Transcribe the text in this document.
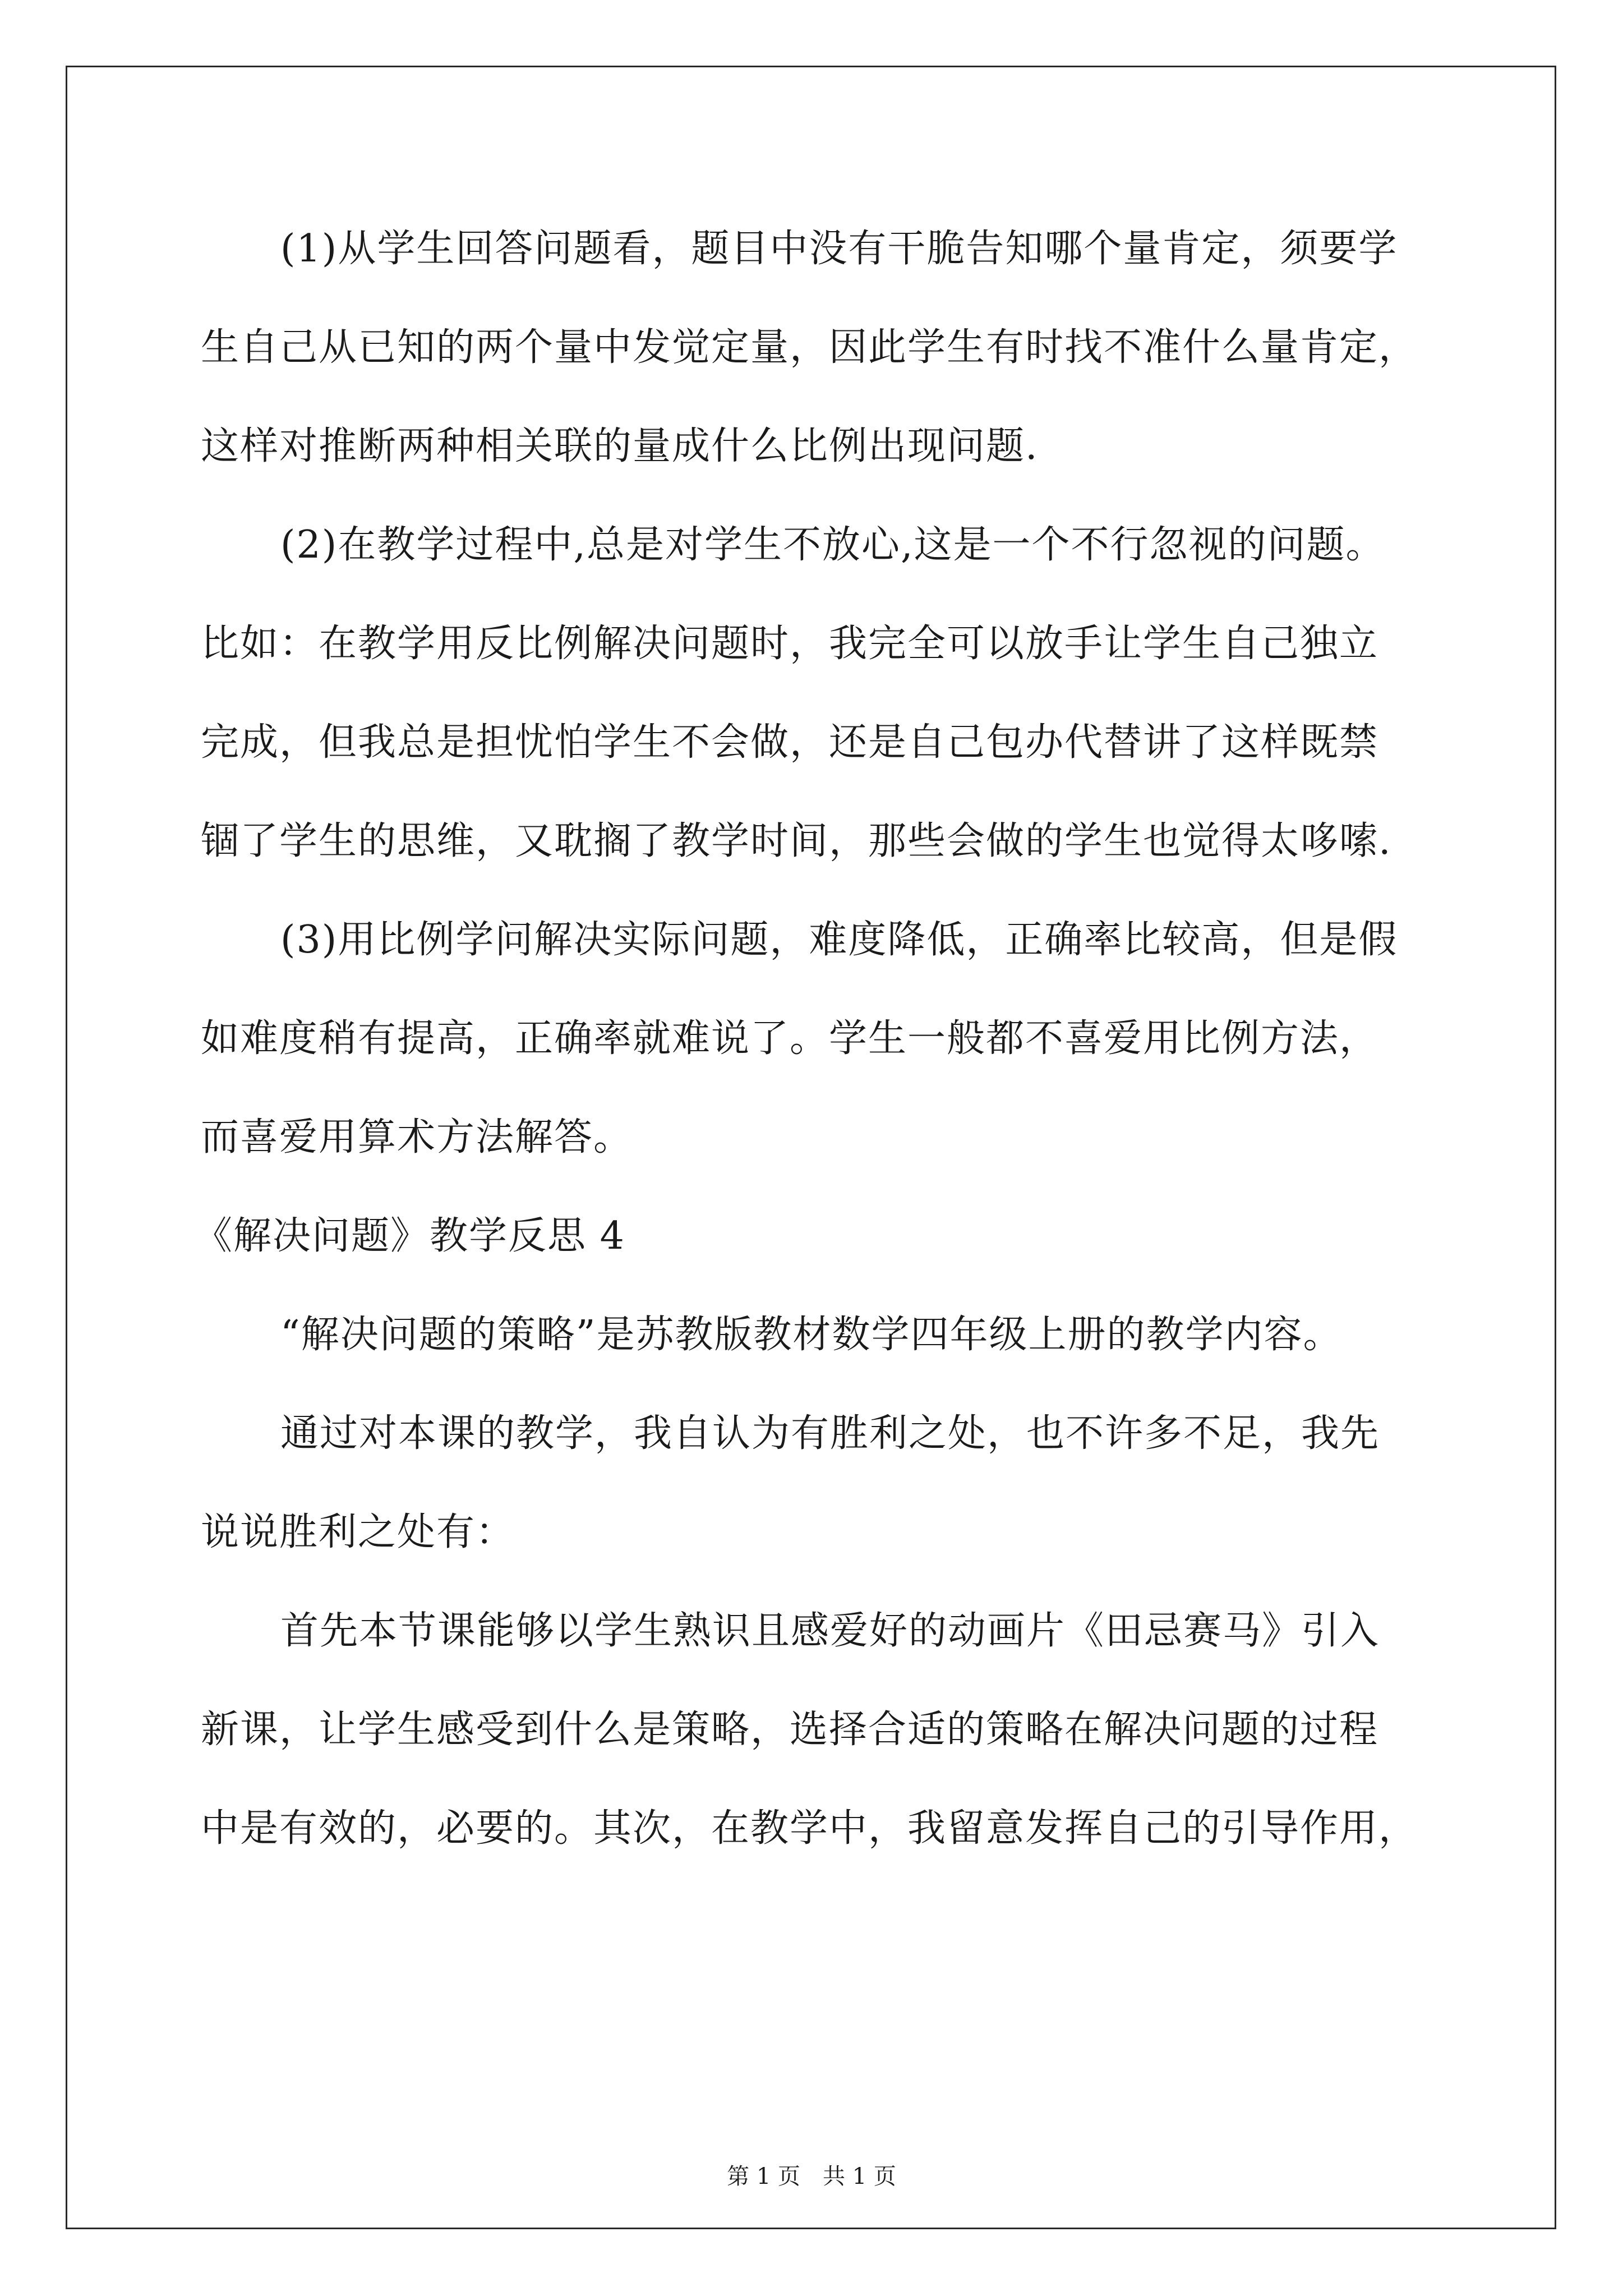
(1)从学生回答问题看，题目中没有干脆告知哪个量肯定，须要学
生自己从已知的两个量中发觉定量，因此学生有时找不准什么量肯定，
这样对推断两种相关联的量成什么比例出现问题.
(2)在教学过程中,总是对学生不放心,这是一个不行忽视的问题。
比如：在教学用反比例解决问题时，我完全可以放手让学生自己独立
完成，但我总是担忧怕学生不会做，还是自己包办代替讲了这样既禁
锢了学生的思维，又耽搁了教学时间，那些会做的学生也觉得太哆嗦.
(3)用比例学问解决实际问题，难度降低，正确率比较高，但是假
如难度稍有提高，正确率就难说了。学生一般都不喜爱用比例方法，
而喜爱用算术方法解答。
《解决问题》教学反思 4
“解决问题的策略”是苏教版教材数学四年级上册的教学内容。
通过对本课的教学，我自认为有胜利之处，也不许多不足，我先
说说胜利之处有：
首先本节课能够以学生熟识且感爱好的动画片《田忌赛马》引入
新课，让学生感受到什么是策略，选择合适的策略在解决问题的过程
中是有效的，必要的。其次，在教学中，我留意发挥自己的引导作用，
第 1 页　共 1 页
